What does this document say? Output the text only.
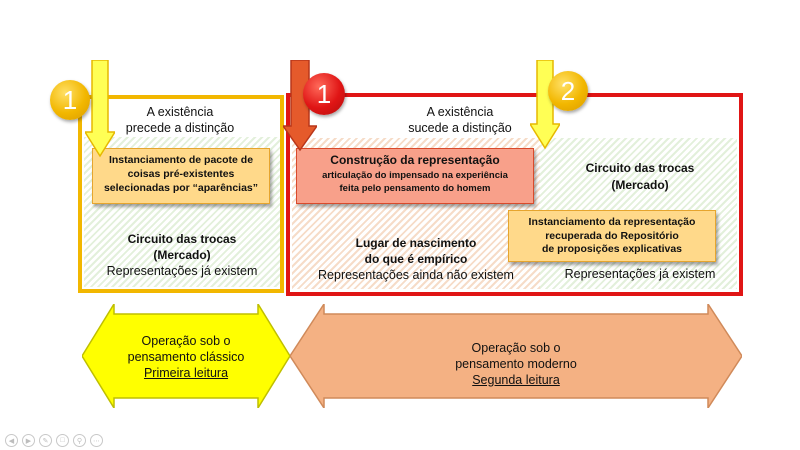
A existência
precede a distinção
Instanciamento de pacote de
coisas pré-existentes
selecionadas por “aparências”
Circuito das trocas
(Mercado)
Representações já existem
A existência
sucede a distinção
Construção da representação
articulação do impensado na experiência
feita pelo pensamento do homem
Lugar de nascimento
do que é empírico
Representações ainda não existem
Circuito das trocas
(Mercado)
Instanciamento da representação
recuperada do Repositório
de proposições explicativas
Representações já existem
1	1	2
Operação sob o
pensamento clássico
Primeira leitura
Operação sob o
pensamento moderno
Segunda leitura
◀	▶	✎	□	⚲	⋯
